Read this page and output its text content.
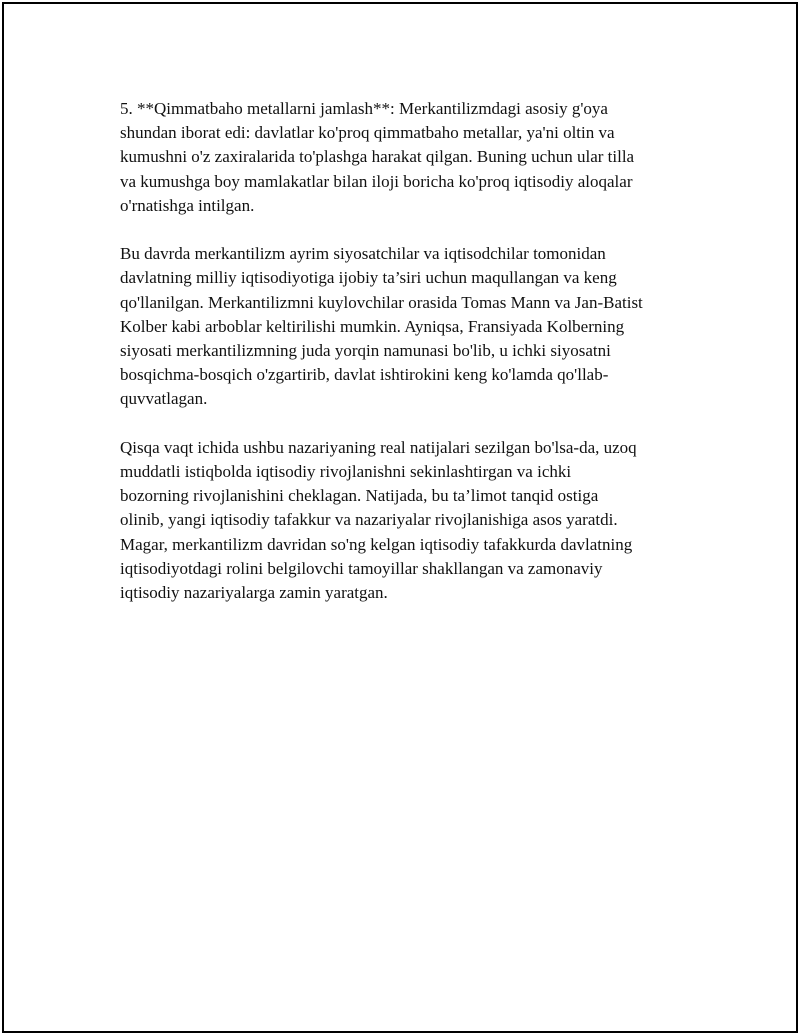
5. **Qimmatbaho metallarni jamlash**: Merkantilizmdagi asosiy g'oya
shundan iborat edi: davlatlar ko'proq qimmatbaho metallar, ya'ni oltin va
kumushni o'z zaxiralarida to'plashga harakat qilgan. Buning uchun ular tilla
va kumushga boy mamlakatlar bilan iloji boricha ko'proq iqtisodiy aloqalar
o'rnatishga intilgan.

Bu davrda merkantilizm ayrim siyosatchilar va iqtisodchilar tomonidan
davlatning milliy iqtisodiyotiga ijobiy ta’siri uchun maqullangan va keng
qo'llanilgan. Merkantilizmni kuylovchilar orasida Tomas Mann va Jan-Batist
Kolber kabi arboblar keltirilishi mumkin. Ayniqsa, Fransiyada Kolberning
siyosati merkantilizmning juda yorqin namunasi bo'lib, u ichki siyosatni
bosqichma-bosqich o'zgartirib, davlat ishtirokini keng ko'lamda qo'llab-
quvvatlagan.

Qisqa vaqt ichida ushbu nazariyaning real natijalari sezilgan bo'lsa-da, uzoq
muddatli istiqbolda iqtisodiy rivojlanishni sekinlashtirgan va ichki
bozorning rivojlanishini cheklagan. Natijada, bu ta’limot tanqid ostiga
olinib, yangi iqtisodiy tafakkur va nazariyalar rivojlanishiga asos yaratdi.
Magar, merkantilizm davridan so'ng kelgan iqtisodiy tafakkurda davlatning
iqtisodiyotdagi rolini belgilovchi tamoyillar shakllangan va zamonaviy
iqtisodiy nazariyalarga zamin yaratgan.
